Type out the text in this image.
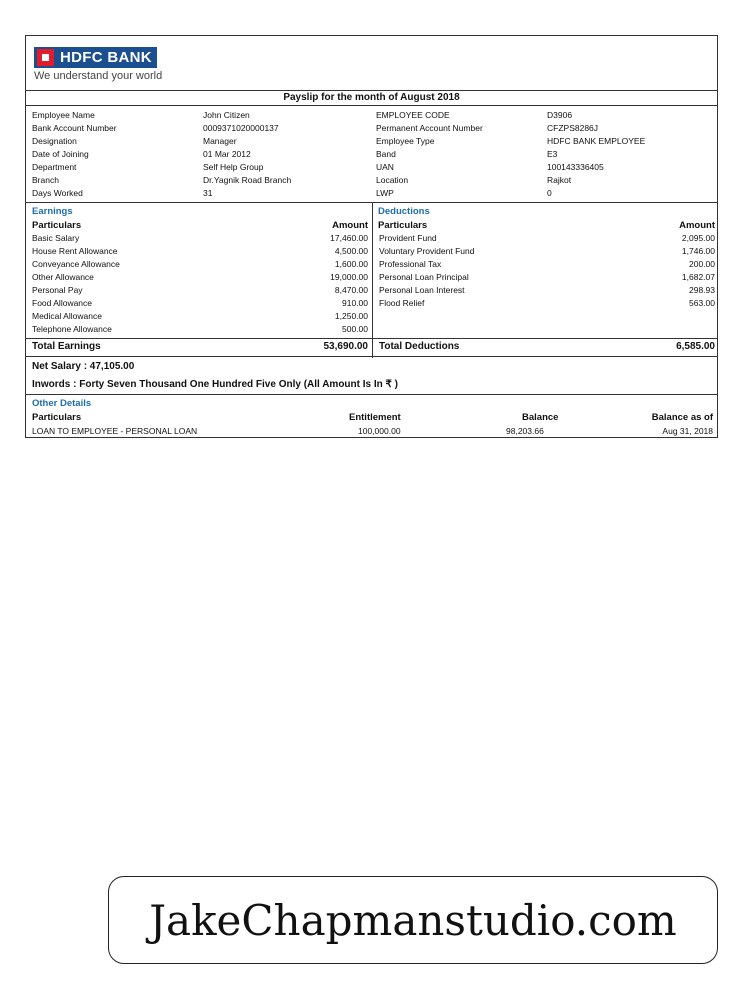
HDFC BANK
We understand your world
Payslip for the month of August 2018
Employee Name	John Citizen	EMPLOYEE CODE	D3906
Bank Account Number	0009371020000137	Permanent Account Number	CFZPS8286J
Designation	Manager	Employee Type	HDFC BANK EMPLOYEE
Date of Joining	01 Mar 2012	Band	E3
Department	Self Help Group	UAN	100143336405
Branch	Dr.Yagnik Road Branch	Location	Rajkot
Days Worked	31	LWP	0
Earnings	Deductions
Particulars	Amount Particulars	Amount
Basic Salary	17,460.00
House Rent Allowance	4,500.00
Conveyance Allowance	1,600.00
Other Allowance	19,000.00
Personal Pay	8,470.00
Food Allowance	910.00
Medical Allowance	1,250.00
Telephone Allowance	500.00
Provident Fund	2,095.00
Voluntary Provident Fund	1,746.00
Professional Tax	200.00
Personal Loan Principal	1,682.07
Personal Loan Interest	298.93
Flood Relief	563.00
Total Earnings	53,690.00 Total Deductions	6,585.00
Net Salary : 47,105.00
Inwords : Forty Seven Thousand One Hundred Five Only (All Amount Is In ₹ )
Other Details
Particulars	Entitlement	Balance	Balance as of
LOAN TO EMPLOYEE - PERSONAL LOAN	100,000.00	98,203.66	Aug 31, 2018
JakeChapmanstudio.com
